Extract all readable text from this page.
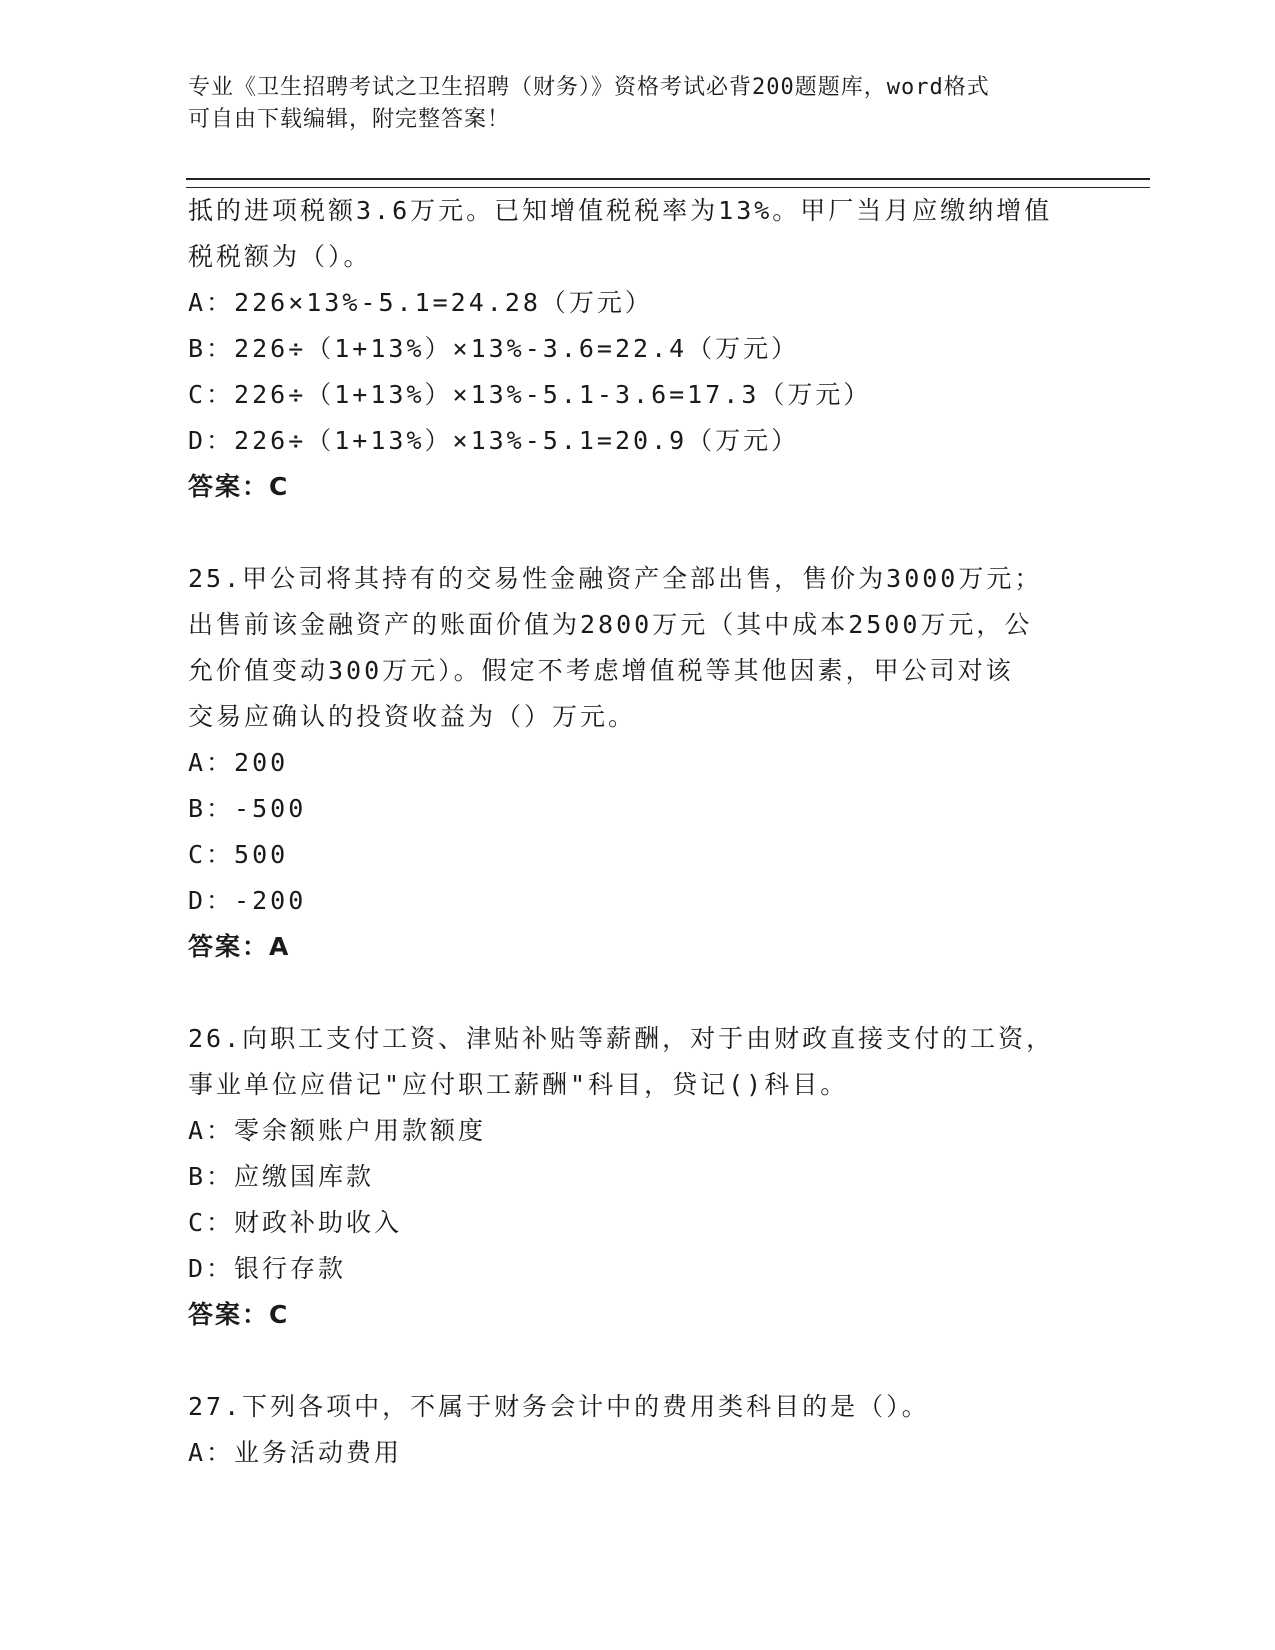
专业《卫生招聘考试之卫生招聘（财务）》资格考试必背200题题库，word格式
可自由下载编辑，附完整答案！
抵的进项税额3.6万元。已知增值税税率为13%。甲厂当月应缴纳增值
税税额为（）。
A：226×13%-5.1=24.28（万元）
B：226÷（1+13%）×13%-3.6=22.4（万元）
C：226÷（1+13%）×13%-5.1-3.6=17.3（万元）
D：226÷（1+13%）×13%-5.1=20.9（万元）
答案：C
25.甲公司将其持有的交易性金融资产全部出售，售价为3000万元；
出售前该金融资产的账面价值为2800万元（其中成本2500万元，公
允价值变动300万元）。假定不考虑增值税等其他因素，甲公司对该
交易应确认的投资收益为（）万元。
A：200
B：-500
C：500
D：-200
答案：A
26.向职工支付工资、津贴补贴等薪酬，对于由财政直接支付的工资，
事业单位应借记"应付职工薪酬"科目，贷记()科目。
A：零余额账户用款额度
B：应缴国库款
C：财政补助收入
D：银行存款
答案：C
27.下列各项中，不属于财务会计中的费用类科目的是（）。
A：业务活动费用
